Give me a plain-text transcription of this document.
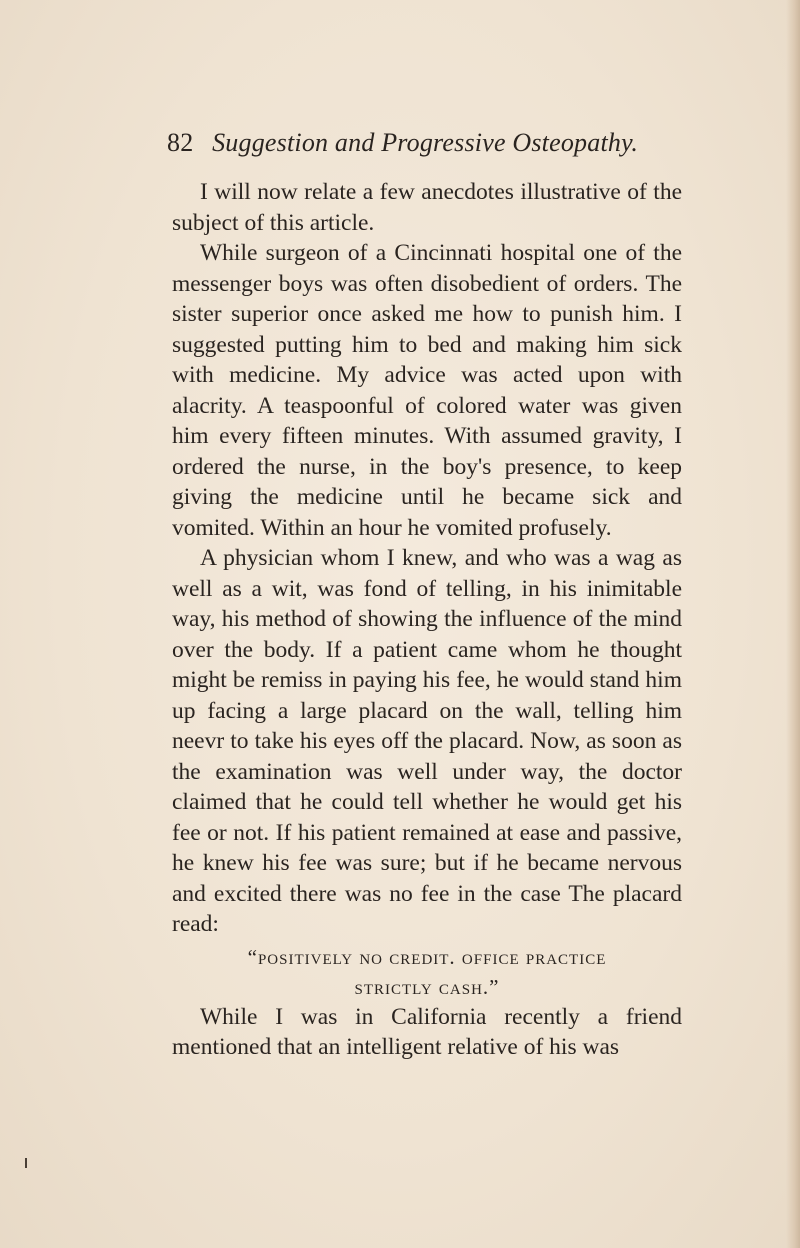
82 Suggestion and Progressive Osteopathy.

I will now relate a few anecdotes illustrative of the subject of this article.

While surgeon of a Cincinnati hospital one of the messenger boys was often disobedient of orders. The sister superior once asked me how to punish him. I suggested putting him to bed and making him sick with medicine. My advice was acted upon with alacrity. A teaspoonful of colored water was given him every fifteen minutes. With assumed gravity, I ordered the nurse, in the boy's presence, to keep giving the medicine until he became sick and vomited. Within an hour he vomited profusely.

A physician whom I knew, and who was a wag as well as a wit, was fond of telling, in his inimitable way, his method of showing the influence of the mind over the body. If a patient came whom he thought might be remiss in paying his fee, he would stand him up facing a large placard on the wall, telling him neevr to take his eyes off the placard. Now, as soon as the examination was well under way, the doctor claimed that he could tell whether he would get his fee or not. If his patient remained at ease and passive, he knew his fee was sure; but if he became nervous and excited there was no fee in the case The placard read:

“positively no credit. office practice
strictly cash.”

While I was in California recently a friend mentioned that an intelligent relative of his was
